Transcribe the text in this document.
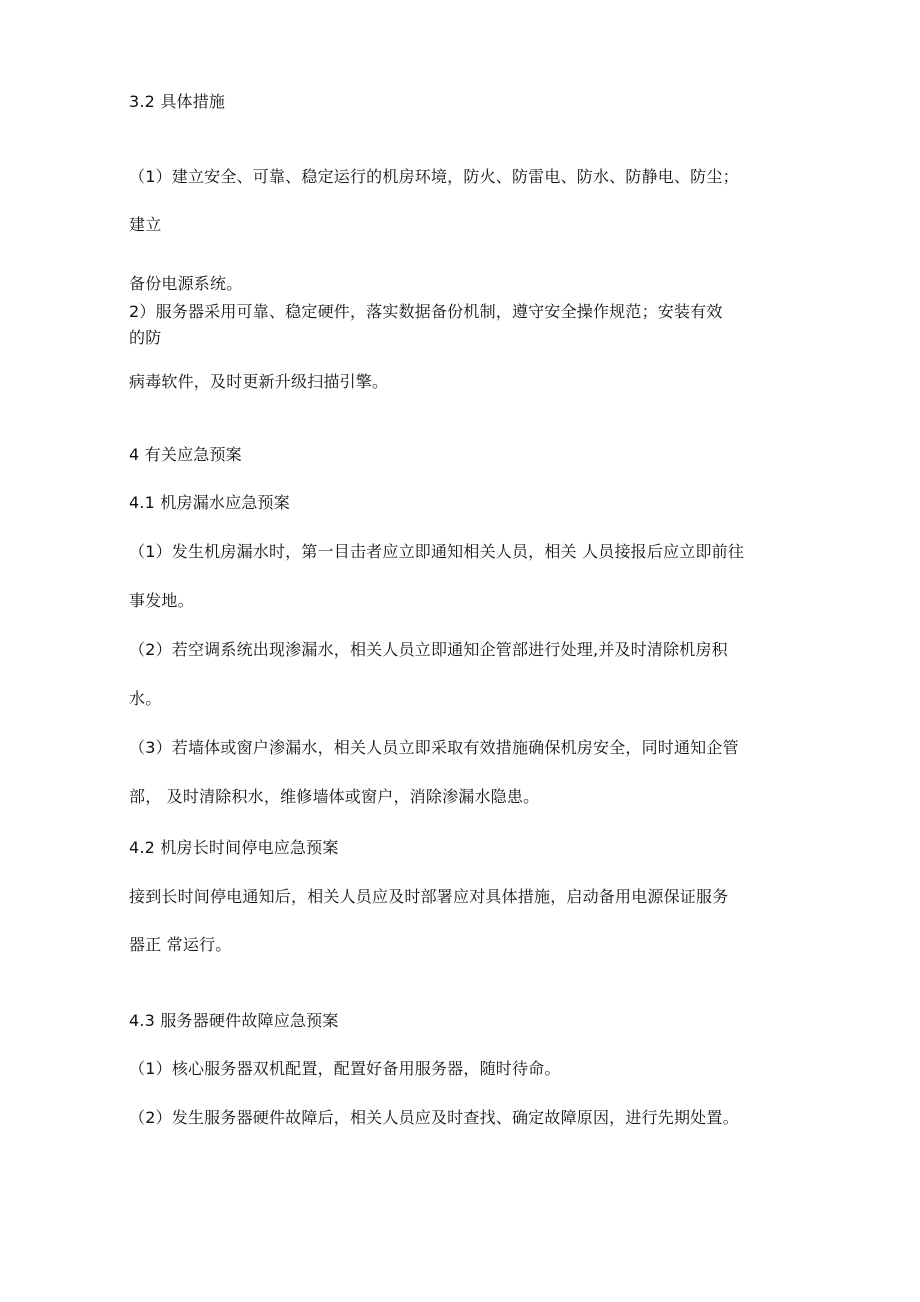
3.2 具体措施
（1）建立安全、可靠、稳定运行的机房环境，防火、防雷电、防水、防静电、防尘；
建立
备份电源系统。
2）服务器采用可靠、稳定硬件，落实数据备份机制，遵守安全操作规范；安装有效
的防
病毒软件，及时更新升级扫描引擎。
4 有关应急预案
4.1 机房漏水应急预案
（1）发生机房漏水时，第一目击者应立即通知相关人员，相关 人员接报后应立即前往
事发地。
（2）若空调系统出现渗漏水，相关人员立即通知企管部进行处理,并及时清除机房积
水。
（3）若墙体或窗户渗漏水，相关人员立即采取有效措施确保机房安全，同时通知企管
部， 及时清除积水，维修墙体或窗户，消除渗漏水隐患。
4.2 机房长时间停电应急预案
接到长时间停电通知后，相关人员应及时部署应对具体措施，启动备用电源保证服务
器正 常运行。
4.3 服务器硬件故障应急预案
（1）核心服务器双机配置，配置好备用服务器，随时待命。
（2）发生服务器硬件故障后，相关人员应及时查找、确定故障原因，进行先期处置。
